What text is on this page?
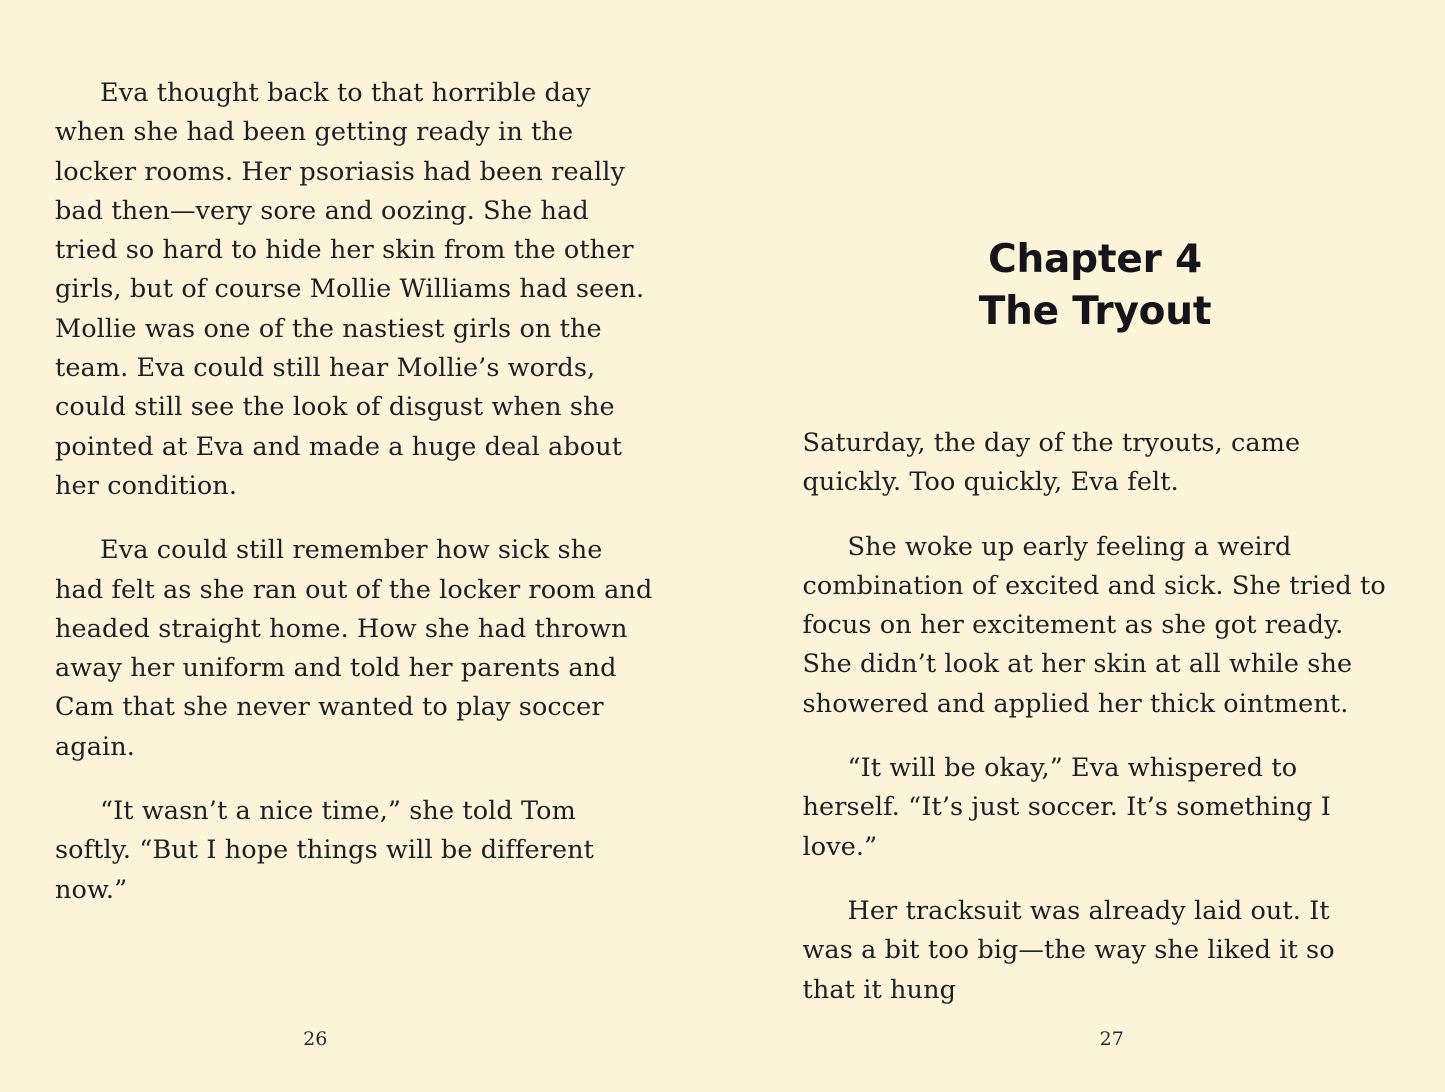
Eva thought back to that horrible day when she had been getting ready in the locker rooms. Her psoriasis had been really bad then—very sore and oozing. She had tried so hard to hide her skin from the other girls, but of course Mollie Williams had seen. Mollie was one of the nastiest girls on the team. Eva could still hear Mollie’s words, could still see the look of disgust when she pointed at Eva and made a huge deal about her condition.

Eva could still remember how sick she had felt as she ran out of the locker room and headed straight home. How she had thrown away her uniform and told her parents and Cam that she never wanted to play soccer again.

“It wasn’t a nice time,” she told Tom softly. “But I hope things will be different now.”

26
Chapter 4
The Tryout

Saturday, the day of the tryouts, came quickly. Too quickly, Eva felt.

She woke up early feeling a weird combination of excited and sick. She tried to focus on her excitement as she got ready. She didn’t look at her skin at all while she showered and applied her thick ointment.

“It will be okay,” Eva whispered to herself. “It’s just soccer. It’s something I love.”

Her tracksuit was already laid out. It was a bit too big—the way she liked it so that it hung

27
